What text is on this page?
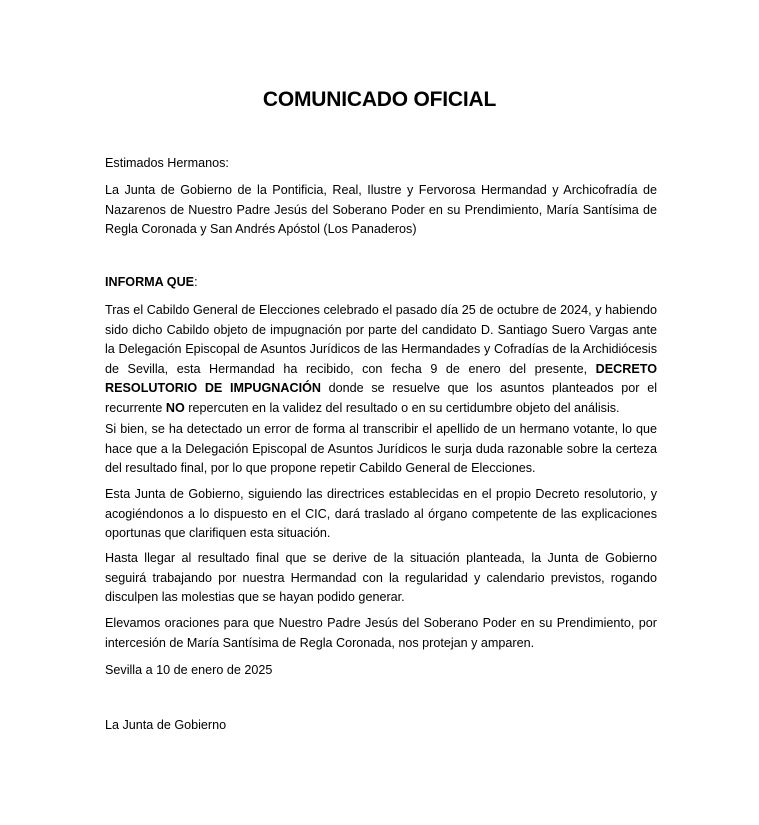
COMUNICADO OFICIAL
Estimados Hermanos:
La Junta de Gobierno de la Pontificia, Real, Ilustre y Fervorosa Hermandad y Archicofradía de Nazarenos de Nuestro Padre Jesús del Soberano Poder en su Prendimiento, María Santísima de Regla Coronada y San Andrés Apóstol (Los Panaderos)
INFORMA QUE:
Tras el Cabildo General de Elecciones celebrado el pasado día 25 de octubre de 2024, y habiendo sido dicho Cabildo objeto de impugnación por parte del candidato D. Santiago Suero Vargas ante la Delegación Episcopal de Asuntos Jurídicos de las Hermandades y Cofradías de la Archidiócesis de Sevilla, esta Hermandad ha recibido, con fecha 9 de enero del presente, DECRETO RESOLUTORIO DE IMPUGNACIÓN donde se resuelve que los asuntos planteados por el recurrente NO repercuten en la validez del resultado o en su certidumbre objeto del análisis.
Si bien, se ha detectado un error de forma al transcribir el apellido de un hermano votante, lo que hace que a la Delegación Episcopal de Asuntos Jurídicos le surja duda razonable sobre la certeza del resultado final, por lo que propone repetir Cabildo General de Elecciones.
Esta Junta de Gobierno, siguiendo las directrices establecidas en el propio Decreto resolutorio, y acogiéndonos a lo dispuesto en el CIC, dará traslado al órgano competente de las explicaciones oportunas que clarifiquen esta situación.
Hasta llegar al resultado final que se derive de la situación planteada, la Junta de Gobierno seguirá trabajando por nuestra Hermandad con la regularidad y calendario previstos, rogando disculpen las molestias que se hayan podido generar.
Elevamos oraciones para que Nuestro Padre Jesús del Soberano Poder en su Prendimiento, por intercesión de María Santísima de Regla Coronada, nos protejan y amparen.
Sevilla a 10 de enero de 2025
La Junta de Gobierno
